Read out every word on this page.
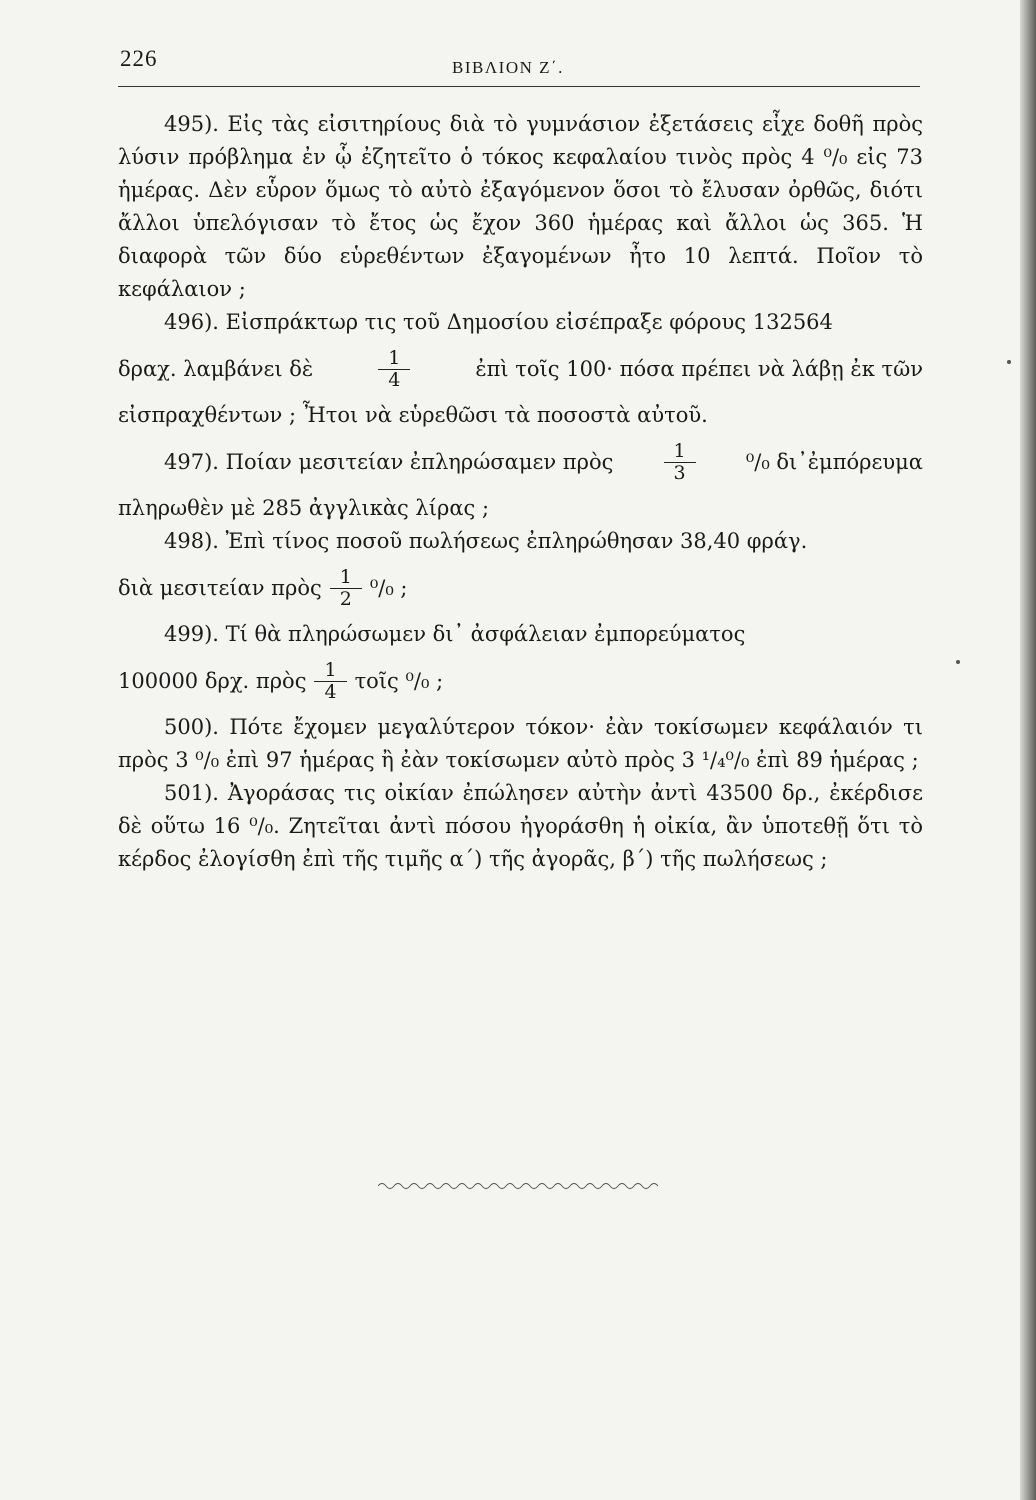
226	ΒΙΒΛΙΟΝ Ζ΄.

495). Εἰς τὰς εἰσιτηρίους διὰ τὸ γυμνάσιον ἐξετάσεις εἶχε δοθῆ πρὸς λύσιν πρόβλημα ἐν ᾧ ἐζητεῖτο ὁ τόκος κεφαλαίου τινὸς πρὸς 4 ⁰/₀ εἰς 73 ἡμέρας. Δὲν εὗρον ὅμως τὸ αὐτὸ ἐξαγόμενον ὅσοι τὸ ἔλυσαν ὀρθῶς, διότι ἄλλοι ὑπελόγισαν τὸ ἔτος ὡς ἔχον 360 ἡμέρας καὶ ἄλλοι ὡς 365. Ἡ διαφορὰ τῶν δύο εὑρεθέντων ἐξαγομένων ἦτο 10 λεπτά. Ποῖον τὸ κεφάλαιον ;

496). Εἰσπράκτωρ τις τοῦ Δημοσίου εἰσέπραξε φόρους 132564
δραχ. λαμβάνει δὲ	$\frac{1}{4}$	ἐπὶ τοῖς 100· πόσα πρέπει νὰ λάβῃ ἐκ τῶν
εἰσπραχθέντων ; Ἦτοι νὰ εὑρεθῶσι τὰ ποσοστὰ αὐτοῦ.
497). Ποίαν μεσιτείαν ἐπληρώσαμεν πρὸς	$\frac{1}{3}$	⁰/₀ δι᾽ἐμπόρευμα
πληρωθὲν μὲ 285 ἀγγλικὰς λίρας ;
498). Ἐπὶ τίνος ποσοῦ πωλήσεως ἐπληρώθησαν 38,40 φράγ.
διὰ μεσιτείαν πρὸς $\frac{1}{2} ^0/_0$ ;
499). Τί θὰ πληρώσωμεν δι᾽ ἀσφάλειαν ἐμπορεύματος
100000 δρχ. πρὸς $\frac{1}{4}$ τοῖς ⁰/₀ ;

500). Πότε ἔχομεν μεγαλύτερον τόκον· ἐὰν τοκίσωμεν κεφάλαιόν τι πρὸς 3 ⁰/₀ ἐπὶ 97 ἡμέρας ἢ ἐὰν τοκίσωμεν αὐτὸ πρὸς 3 ¹/₄⁰/₀ ἐπὶ 89 ἡμέρας ;

501). Ἀγοράσας τις οἰκίαν ἐπώλησεν αὐτὴν ἀντὶ 43500 δρ., ἐκέρδισε δὲ οὕτω 16 ⁰/₀. Ζητεῖται ἀντὶ πόσου ἠγοράσθη ἡ οἰκία, ἂν ὑποτεθῇ ὅτι τὸ κέρδος ἐλογίσθη ἐπὶ τῆς τιμῆς α΄) τῆς ἀγορᾶς, β΄) τῆς πωλήσεως ;
